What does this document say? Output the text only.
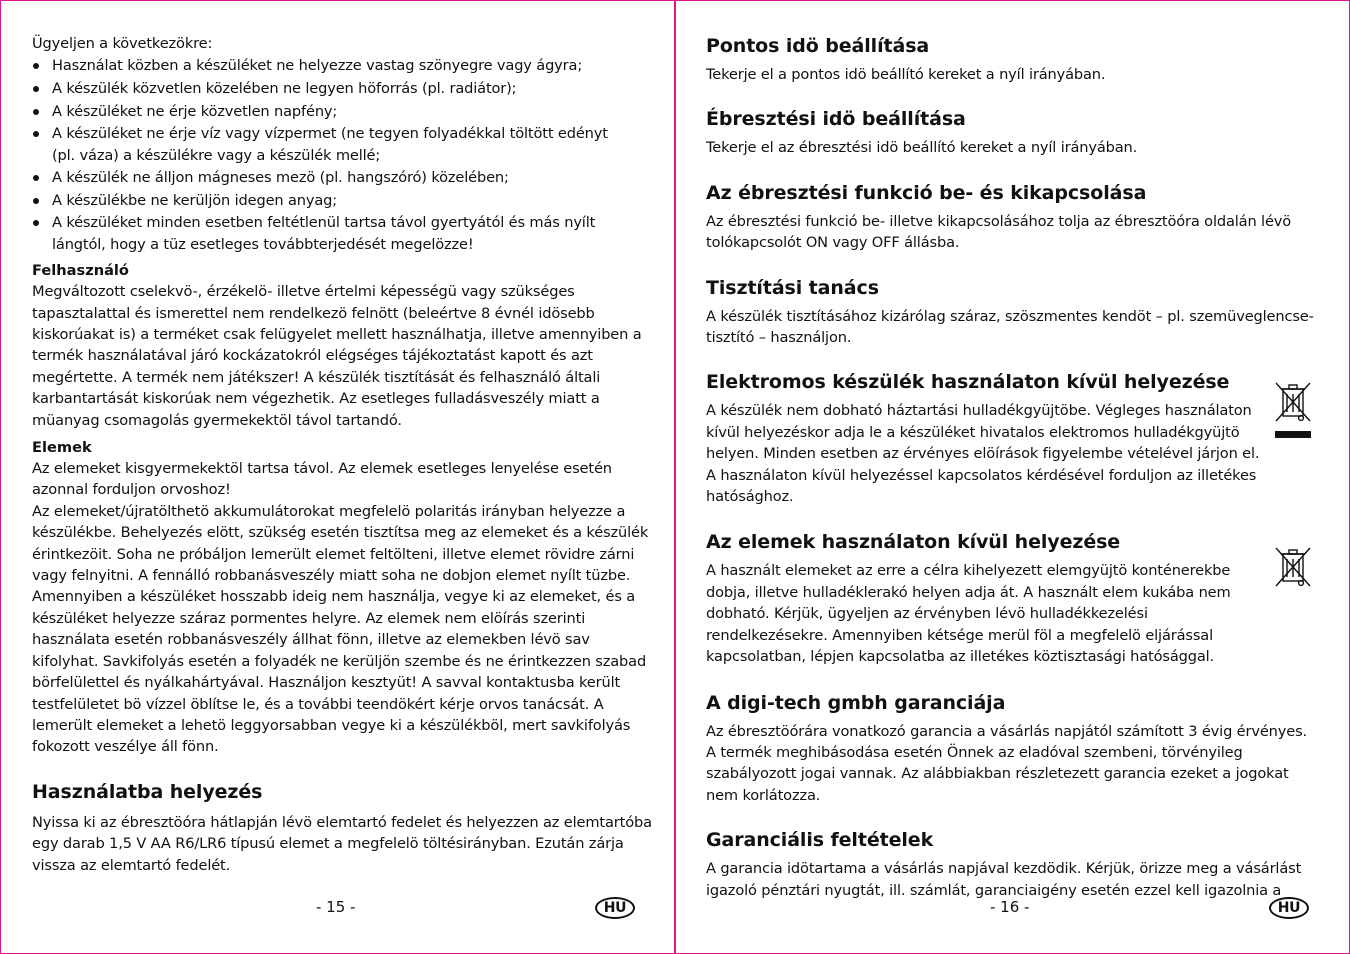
Ügyeljen a következökre:

Használat közben a készüléket ne helyezze vastag szönyegre vagy ágyra;
A készülék közvetlen közelében ne legyen höforrás (pl. radiátor);
A készüléket ne érje közvetlen napfény;
A készüléket ne érje víz vagy vízpermet (ne tegyen folyadékkal töltött edényt (pl. váza) a készülékre vagy a készülék mellé;
A készülék ne álljon mágneses mezö (pl. hangszóró) közelében;
A készülékbe ne kerüljön idegen anyag;
A készüléket minden esetben feltétlenül tartsa távol gyertyától és más nyílt lángtól, hogy a tüz esetleges továbbterjedését megelözze!

Felhasználó

Megváltozott cselekvö-, érzékelö- illetve értelmi képességü vagy szükséges tapasztalattal és ismerettel nem rendelkezö felnött (beleértve 8 évnél idösebb kiskorúakat is) a terméket csak felügyelet mellett használhatja, illetve amennyiben a termék használatával járó kockázatokról elégséges tájékoztatást kapott és azt megértette. A termék nem játékszer! A készülék tisztítását és felhasználó általi karbantartását kiskorúak nem végezhetik. Az esetleges fulladásveszély miatt a müanyag csomagolás gyermekektöl távol tartandó.

Elemek

Az elemeket kisgyermekektöl tartsa távol. Az elemek esetleges lenyelése esetén azonnal forduljon orvoshoz!

Az elemeket/újratölthetö akkumulátorokat megfelelö polaritás irányban helyezze a készülékbe. Behelyezés elött, szükség esetén tisztítsa meg az elemeket és a készülék érintkezöit. Soha ne próbáljon lemerült elemet feltölteni, illetve elemet rövidre zárni vagy felnyitni. A fennálló robbanásveszély miatt soha ne dobjon elemet nyílt tüzbe. Amennyiben a készüléket hosszabb ideig nem használja, vegye ki az elemeket, és a készüléket helyezze száraz pormentes helyre. Az elemek nem elöírás szerinti használata esetén robbanásveszély állhat fönn, illetve az elemekben lévö sav kifolyhat. Savkifolyás esetén a folyadék ne kerüljön szembe és ne érintkezzen szabad börfelülettel és nyálkahártyával. Használjon kesztyüt! A savval kontaktusba került testfelületet bö vízzel öblítse le, és a további teendökért kérje orvos tanácsát. A lemerült elemeket a lehetö leggyorsabban vegye ki a készülékböl, mert savkifolyás fokozott veszélye áll fönn.

Használatba helyezés

Nyissa ki az ébresztöóra hátlapján lévö elemtartó fedelet és helyezzen az elemtartóba egy darab 1,5 V AA R6/LR6 típusú elemet a megfelelö töltésirányban. Ezután zárja vissza az elemtartó fedelét.

- 15 -	HU

Pontos idö beállítása

Tekerje el a pontos idö beállító kereket a nyíl irányában.

Ébresztési idö beállítása

Tekerje el az ébresztési idö beállító kereket a nyíl irányában.

Az ébresztési funkció be- és kikapcsolása

Az ébresztési funkció be- illetve kikapcsolásához tolja az ébresztöóra oldalán lévö tolókapcsolót ON vagy OFF állásba.

Tisztítási tanács

A készülék tisztításához kizárólag száraz, szöszmentes kendöt – pl. szemüveglencse-tisztító – használjon.

Elektromos készülék használaton kívül helyezése

A készülék nem dobható háztartási hulladékgyüjtöbe. Végleges használaton kívül helyezéskor adja le a készüléket hivatalos elektromos hulladékgyüjtö helyen. Minden esetben az érvényes elöírások figyelembe vételével járjon el. A használaton kívül helyezéssel kapcsolatos kérdésével forduljon az illetékes hatósághoz.

Az elemek használaton kívül helyezése

A használt elemeket az erre a célra kihelyezett elemgyüjtö konténerekbe dobja, illetve hulladéklerakó helyen adja át. A használt elem kukába nem dobható. Kérjük, ügyeljen az érvényben lévö hulladékkezelési rendelkezésekre. Amennyiben kétsége merül föl a megfelelö eljárással kapcsolatban, lépjen kapcsolatba az illetékes köztisztasági hatósággal.

A digi-tech gmbh garanciája

Az ébresztöórára vonatkozó garancia a vásárlás napjától számított 3 évig érvényes. A termék meghibásodása esetén Önnek az eladóval szembeni, törvényileg szabályozott jogai vannak. Az alábbiakban részletezett garancia ezeket a jogokat nem korlátozza.

Garanciális feltételek

A garancia idötartama a vásárlás napjával kezdödik. Kérjük, örizze meg a vásárlást igazoló pénztári nyugtát, ill. számlát, garanciaigény esetén ezzel kell igazolnia a

- 16 -	HU
